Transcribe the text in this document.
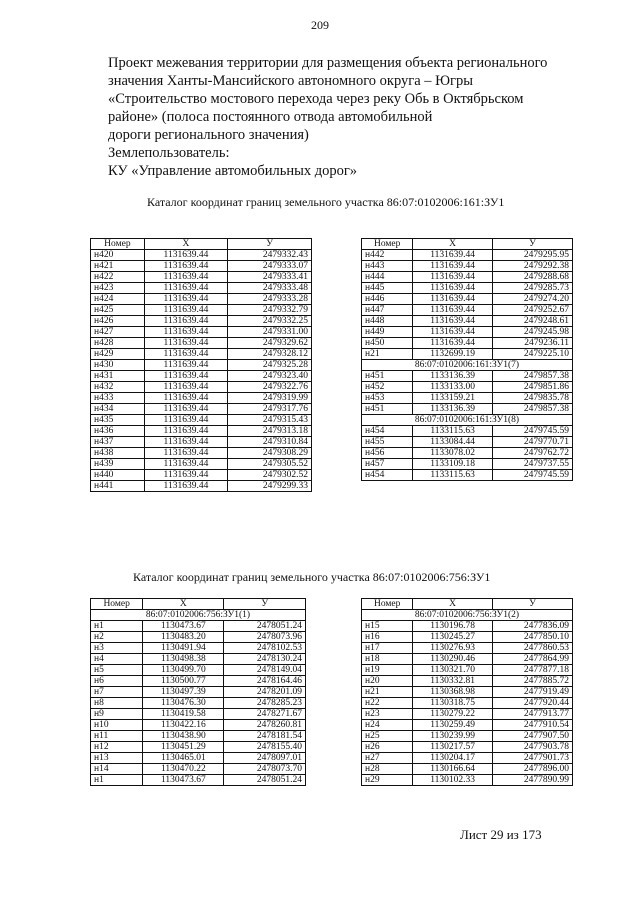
209
Проект межевания территории для размещения объекта регионального
значения Ханты-Мансийского автономного округа – Югры
«Строительство мостового перехода через реку Обь в Октябрьском
районе» (полоса постоянного отвода автомобильной
дороги регионального значения)
Землепользователь:
КУ «Управление автомобильных дорог»
Каталог координат границ земельного участка 86:07:0102006:161:ЗУ1
Номер	X	У
н420	1131639.44	2479332.43
н421	1131639.44	2479333.07
н422	1131639.44	2479333.41
н423	1131639.44	2479333.48
н424	1131639.44	2479333.28
н425	1131639.44	2479332.79
н426	1131639.44	2479332.25
н427	1131639.44	2479331.00
н428	1131639.44	2479329.62
н429	1131639.44	2479328.12
н430	1131639.44	2479325.28
н431	1131639.44	2479323.40
н432	1131639.44	2479322.76
н433	1131639.44	2479319.99
н434	1131639.44	2479317.76
н435	1131639.44	2479315.43
н436	1131639.44	2479313.18
н437	1131639.44	2479310.84
н438	1131639.44	2479308.29
н439	1131639.44	2479305.52
н440	1131639.44	2479302.52
н441	1131639.44	2479299.33
Номер	X	У
н442	1131639.44	2479295.95
н443	1131639.44	2479292.38
н444	1131639.44	2479288.68
н445	1131639.44	2479285.73
н446	1131639.44	2479274.20
н447	1131639.44	2479252.67
н448	1131639.44	2479248.61
н449	1131639.44	2479245.98
н450	1131639.44	2479236.11
н21	1132699.19	2479225.10
86:07:0102006:161:ЗУ1(7)		
н451	1133136.39	2479857.38
н452	1133133.00	2479851.86
н453	1133159.21	2479835.78
н451	1133136.39	2479857.38
86:07:0102006:161:ЗУ1(8)		
н454	1133115.63	2479745.59
н455	1133084.44	2479770.71
н456	1133078.02	2479762.72
н457	1133109.18	2479737.55
н454	1133115.63	2479745.59
Каталог координат границ земельного участка 86:07:0102006:756:ЗУ1
Номер	X	У
86:07:0102006:756:ЗУ1(1)		
н1	1130473.67	2478051.24
н2	1130483.20	2478073.96
н3	1130491.94	2478102.53
н4	1130498.38	2478130.24
н5	1130499.70	2478149.04
н6	1130500.77	2478164.46
н7	1130497.39	2478201.09
н8	1130476.30	2478285.23
н9	1130419.58	2478271.67
н10	1130422.16	2478260.81
н11	1130438.90	2478181.54
н12	1130451.29	2478155.40
н13	1130465.01	2478097.01
н14	1130470.22	2478073.70
н1	1130473.67	2478051.24
Номер	X	У
86:07:0102006:756:ЗУ1(2)		
н15	1130196.78	2477836.09
н16	1130245.27	2477850.10
н17	1130276.93	2477860.53
н18	1130290.46	2477864.99
н19	1130321.70	2477877.18
н20	1130332.81	2477885.72
н21	1130368.98	2477919.49
н22	1130318.75	2477920.44
н23	1130279.22	2477913.77
н24	1130259.49	2477910.54
н25	1130239.99	2477907.50
н26	1130217.57	2477903.78
н27	1130204.17	2477901.73
н28	1130166.64	2477896.00
н29	1130102.33	2477890.99
Лист 29 из 173
